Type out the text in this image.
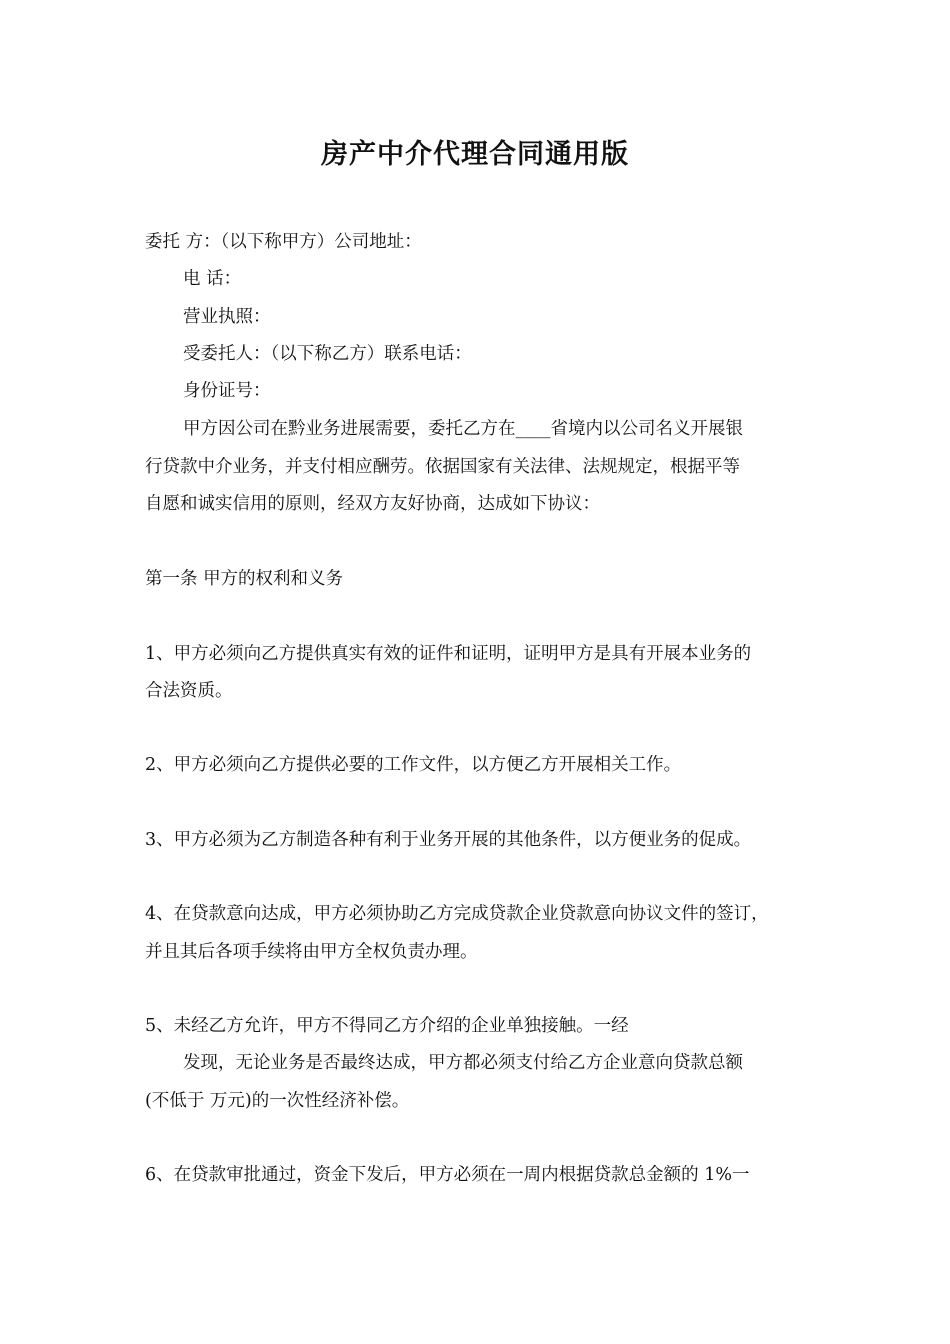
房产中介代理合同通用版
委托 方：（以下称甲方）公司地址：
电 话：
营业执照：
受委托人：（以下称乙方）联系电话：
身份证号：
甲方因公司在黔业务进展需要，委托乙方在____省境内以公司名义开展银
行贷款中介业务，并支付相应酬劳。依据国家有关法律、法规规定，根据平等
自愿和诚实信用的原则，经双方友好协商，达成如下协议：
第一条 甲方的权利和义务
1、甲方必须向乙方提供真实有效的证件和证明，证明甲方是具有开展本业务的
合法资质。
2、甲方必须向乙方提供必要的工作文件，以方便乙方开展相关工作。
3、甲方必须为乙方制造各种有利于业务开展的其他条件，以方便业务的促成。
4、在贷款意向达成，甲方必须协助乙方完成贷款企业贷款意向协议文件的签订，
并且其后各项手续将由甲方全权负责办理。
5、未经乙方允许，甲方不得同乙方介绍的企业单独接触。一经
发现，无论业务是否最终达成，甲方都必须支付给乙方企业意向贷款总额
(不低于 万元)的一次性经济补偿。
6、在贷款审批通过，资金下发后，甲方必须在一周内根据贷款总金额的 1%一
